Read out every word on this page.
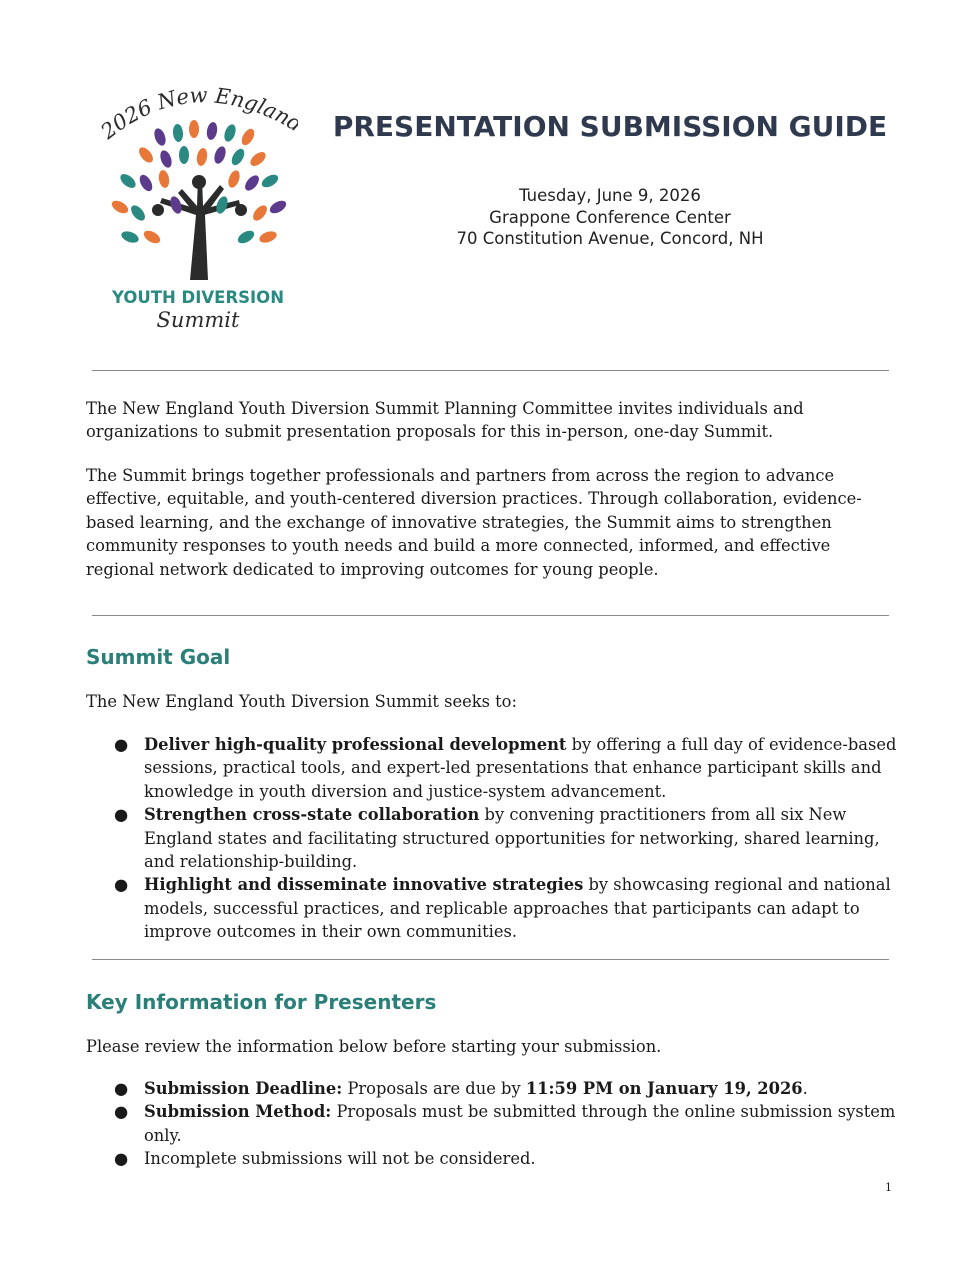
2026 New Englan
YOUTH DIVERSION
Summit
PRESENTATION SUBMISSION GUIDE
Tuesday, June 9, 2026
Grappone Conference Center
70 Constitution Avenue, Concord, NH

The New England Youth Diversion Summit Planning Committee invites individuals and organizations to submit presentation proposals for this in-person, one-day Summit.

The Summit brings together professionals and partners from across the region to advance effective, equitable, and youth-centered diversion practices. Through collaboration, evidence-based learning, and the exchange of innovative strategies, the Summit aims to strengthen community responses to youth needs and build a more connected, informed, and effective regional network dedicated to improving outcomes for young people.

Summit Goal

The New England Youth Diversion Summit seeks to:

● Deliver high-quality professional development by offering a full day of evidence-based sessions, practical tools, and expert-led presentations that enhance participant skills and knowledge in youth diversion and justice-system advancement.
● Strengthen cross-state collaboration by convening practitioners from all six New England states and facilitating structured opportunities for networking, shared learning, and relationship-building.
● Highlight and disseminate innovative strategies by showcasing regional and national models, successful practices, and replicable approaches that participants can adapt to improve outcomes in their own communities.
Key Information for Presenters

Please review the information below before starting your submission.

● Submission Deadline: Proposals are due by 11:59 PM on January 19, 2026.
● Submission Method: Proposals must be submitted through the online submission system only.
● Incomplete submissions will not be considered.
1
